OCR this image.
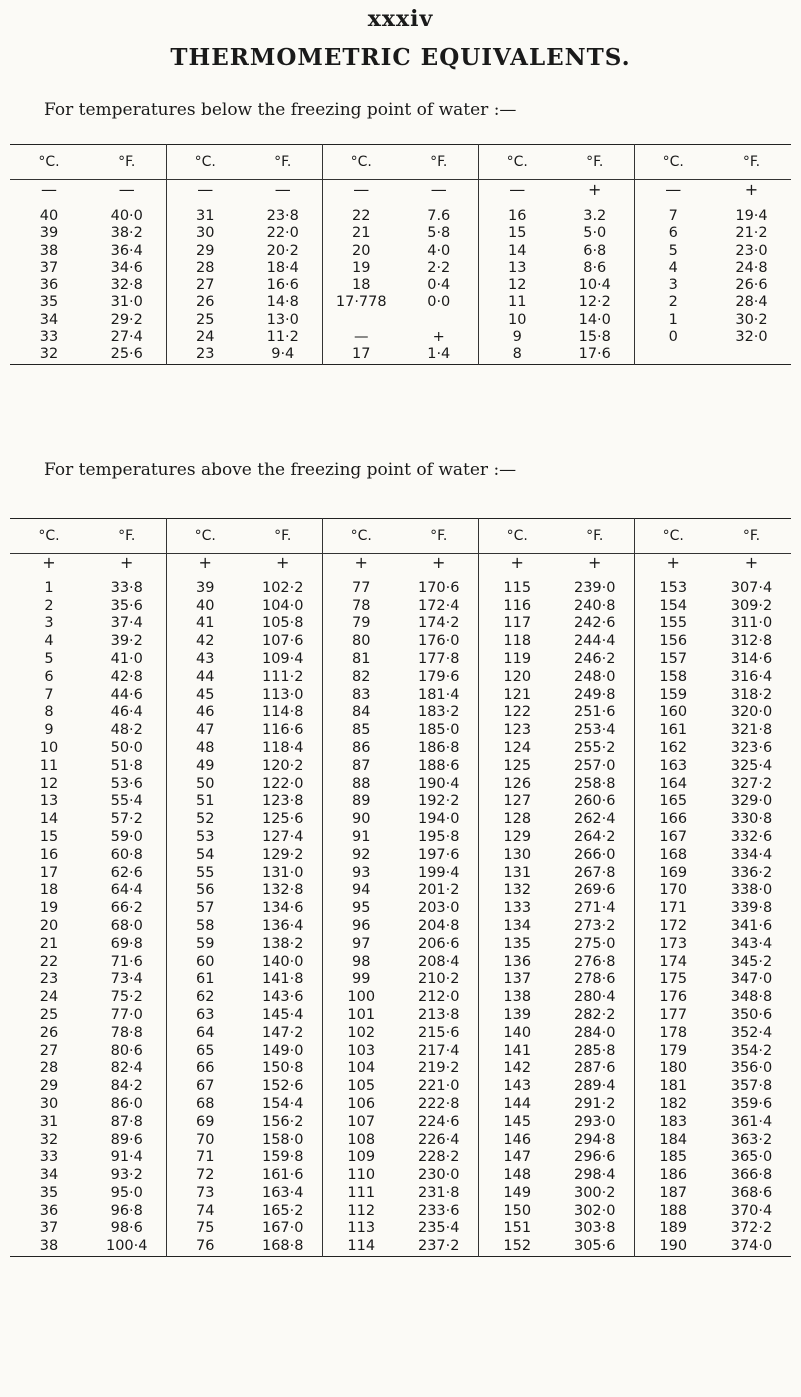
xxxiv
THERMOMETRIC EQUIVALENTS.
For temperatures below the freezing point of water :—
°C.	°F.	°C.	°F.	°C.	°F.	°C.	°F.	°C.	°F.
—	—	—	—	—	—	—	+	—	+
40	40·0	31	23·8	22	7.6	16	3.2	7	19·4
39	38·2	30	22·0	21	5·8	15	5·0	6	21·2
38	36·4	29	20·2	20	4·0	14	6·8	5	23·0
37	34·6	28	18·4	19	2·2	13	8·6	4	24·8
36	32·8	27	16·6	18	0·4	12	10·4	3	26·6
35	31·0	26	14·8	17·778	0·0	11	12·2	2	28·4
34	29·2	25	13·0			10	14·0	1	30·2
33	27·4	24	11·2	—	+	9	15·8	0	32·0
32	25·6	23	9·4	17	1·4	8	17·6		
For temperatures above the freezing point of water :—
°C.	°F.	°C.	°F.	°C.	°F.	°C.	°F.	°C.	°F.
+	+	+	+	+	+	+	+	+	+
1	33·8	39	102·2	77	170·6	115	239·0	153	307·4
2	35·6	40	104·0	78	172·4	116	240·8	154	309·2
3	37·4	41	105·8	79	174·2	117	242·6	155	311·0
4	39·2	42	107·6	80	176·0	118	244·4	156	312·8
5	41·0	43	109·4	81	177·8	119	246·2	157	314·6
6	42·8	44	111·2	82	179·6	120	248·0	158	316·4
7	44·6	45	113·0	83	181·4	121	249·8	159	318·2
8	46·4	46	114·8	84	183·2	122	251·6	160	320·0
9	48·2	47	116·6	85	185·0	123	253·4	161	321·8
10	50·0	48	118·4	86	186·8	124	255·2	162	323·6
11	51·8	49	120·2	87	188·6	125	257·0	163	325·4
12	53·6	50	122·0	88	190·4	126	258·8	164	327·2
13	55·4	51	123·8	89	192·2	127	260·6	165	329·0
14	57·2	52	125·6	90	194·0	128	262·4	166	330·8
15	59·0	53	127·4	91	195·8	129	264·2	167	332·6
16	60·8	54	129·2	92	197·6	130	266·0	168	334·4
17	62·6	55	131·0	93	199·4	131	267·8	169	336·2
18	64·4	56	132·8	94	201·2	132	269·6	170	338·0
19	66·2	57	134·6	95	203·0	133	271·4	171	339·8
20	68·0	58	136·4	96	204·8	134	273·2	172	341·6
21	69·8	59	138·2	97	206·6	135	275·0	173	343·4
22	71·6	60	140·0	98	208·4	136	276·8	174	345·2
23	73·4	61	141·8	99	210·2	137	278·6	175	347·0
24	75·2	62	143·6	100	212·0	138	280·4	176	348·8
25	77·0	63	145·4	101	213·8	139	282·2	177	350·6
26	78·8	64	147·2	102	215·6	140	284·0	178	352·4
27	80·6	65	149·0	103	217·4	141	285·8	179	354·2
28	82·4	66	150·8	104	219·2	142	287·6	180	356·0
29	84·2	67	152·6	105	221·0	143	289·4	181	357·8
30	86·0	68	154·4	106	222·8	144	291·2	182	359·6
31	87·8	69	156·2	107	224·6	145	293·0	183	361·4
32	89·6	70	158·0	108	226·4	146	294·8	184	363·2
33	91·4	71	159·8	109	228·2	147	296·6	185	365·0
34	93·2	72	161·6	110	230·0	148	298·4	186	366·8
35	95·0	73	163·4	111	231·8	149	300·2	187	368·6
36	96·8	74	165·2	112	233·6	150	302·0	188	370·4
37	98·6	75	167·0	113	235·4	151	303·8	189	372·2
38	100·4	76	168·8	114	237·2	152	305·6	190	374·0
